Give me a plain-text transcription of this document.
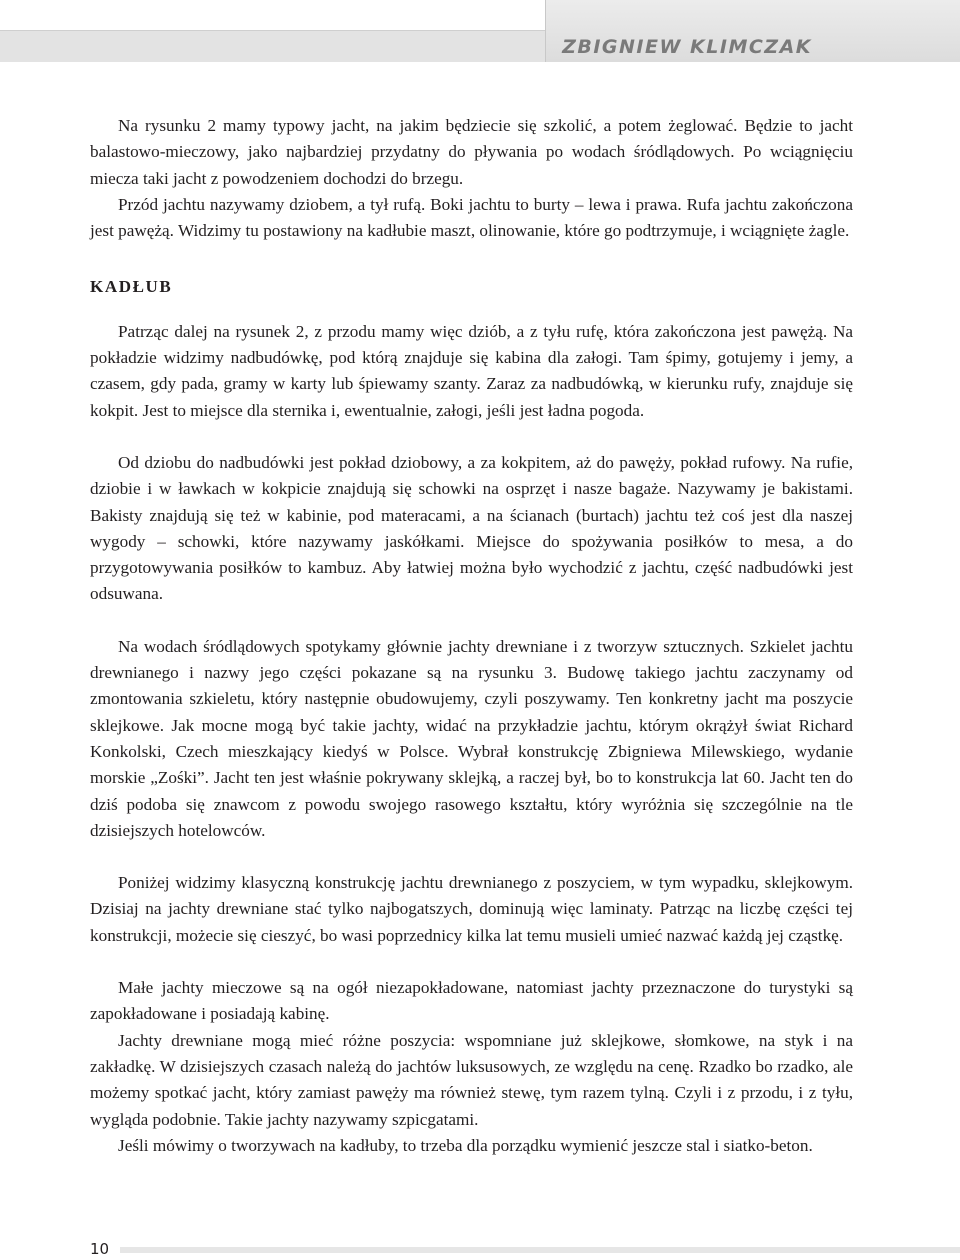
ZBIGNIEW KLIMCZAK

Na rysunku 2 mamy typowy jacht, na jakim będziecie się szkolić, a potem żeglować. Będzie to jacht balastowo-mieczowy, jako najbardziej przydatny do pływania po wodach śródlądowych. Po wciągnięciu miecza taki jacht z powodzeniem dochodzi do brzegu.

Przód jachtu nazywamy dziobem, a tył rufą. Boki jachtu to burty – lewa i prawa. Rufa jachtu zakończona jest pawężą. Widzimy tu postawiony na kadłubie maszt, olinowanie, które go podtrzymuje, i wciągnięte żagle.

KADŁUB

Patrząc dalej na rysunek 2, z przodu mamy więc dziób, a z tyłu rufę, która zakończona jest pawężą. Na pokładzie widzimy nadbudówkę, pod którą znajduje się kabina dla załogi. Tam śpimy, gotujemy i jemy, a czasem, gdy pada, gramy w karty lub śpiewamy szanty. Zaraz za nadbudówką, w kierunku rufy, znajduje się kokpit. Jest to miejsce dla sternika i, ewentualnie, załogi, jeśli jest ładna pogoda.

Od dziobu do nadbudówki jest pokład dziobowy, a za kokpitem, aż do pawęży, pokład rufowy. Na rufie, dziobie i w ławkach w kokpicie znajdują się schowki na osprzęt i nasze bagaże. Nazywamy je bakistami. Bakisty znajdują się też w kabinie, pod materacami, a na ścianach (burtach) jachtu też coś jest dla naszej wygody – schowki, które nazywamy jaskółkami. Miejsce do spożywania posiłków to mesa, a do przygotowywania posiłków to kambuz. Aby łatwiej można było wychodzić z jachtu, część nadbudówki jest odsuwana.

Na wodach śródlądowych spotykamy głównie jachty drewniane i z tworzyw sztucznych. Szkielet jachtu drewnianego i nazwy jego części pokazane są na rysunku 3. Budowę takiego jachtu zaczynamy od zmontowania szkieletu, który następnie obudowujemy, czyli poszywamy. Ten konkretny jacht ma poszycie sklejkowe. Jak mocne mogą być takie jachty, widać na przykładzie jachtu, którym okrążył świat Richard Konkolski, Czech mieszkający kiedyś w Polsce. Wybrał konstrukcję Zbigniewa Milewskiego, wydanie morskie „Zośki”. Jacht ten jest właśnie pokrywany sklejką, a raczej był, bo to konstrukcja lat 60. Jacht ten do dziś podoba się znawcom z powodu swojego rasowego kształtu, który wyróżnia się szczególnie na tle dzisiejszych hotelowców.

Poniżej widzimy klasyczną konstrukcję jachtu drewnianego z poszyciem, w tym wypadku, sklejkowym. Dzisiaj na jachty drewniane stać tylko najbogatszych, dominują więc laminaty. Patrząc na liczbę części tej konstrukcji, możecie się cieszyć, bo wasi poprzednicy kilka lat temu musieli umieć nazwać każdą jej cząstkę.

Małe jachty mieczowe są na ogół niezapokładowane, natomiast jachty przeznaczone do turystyki są zapokładowane i posiadają kabinę.

Jachty drewniane mogą mieć różne poszycia: wspomniane już sklejkowe, słomkowe, na styk i na zakładkę. W dzisiejszych czasach należą do jachtów luksusowych, ze względu na cenę. Rzadko bo rzadko, ale możemy spotkać jacht, który zamiast pawęży ma również stewę, tym razem tylną. Czyli i z przodu, i z tyłu, wygląda podobnie. Takie jachty nazywamy szpicgatami.

Jeśli mówimy o tworzywach na kadłuby, to trzeba dla porządku wymienić jeszcze stal i siatko-beton.

10
